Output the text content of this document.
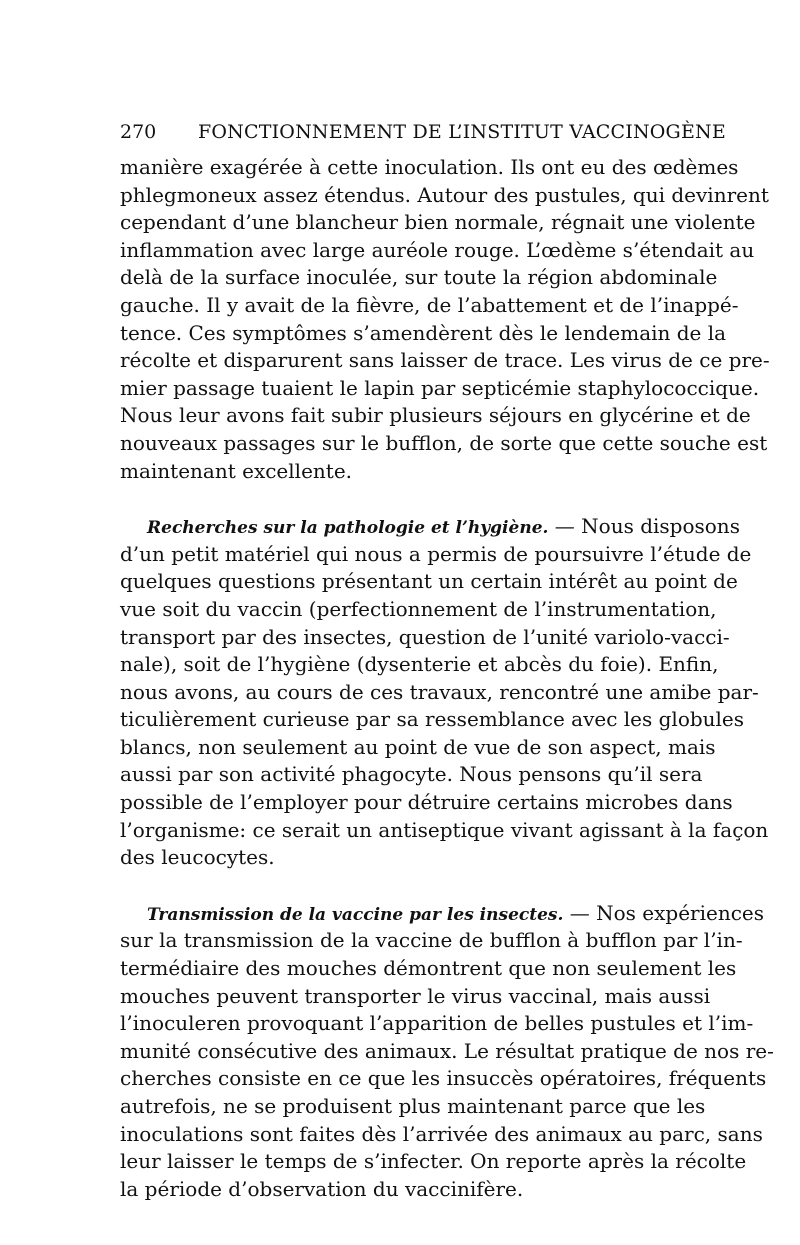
270 FONCTIONNEMENT DE L’INSTITUT VACCINOGÈNE
manière exagérée à cette inoculation. Ils ont eu des œdèmes
phlegmoneux assez étendus. Autour des pustules, qui devinrent
cependant d’une blancheur bien normale, régnait une violente
inflammation avec large auréole rouge. L’œdème s’étendait au
delà de la surface inoculée, sur toute la région abdominale
gauche. Il y avait de la fièvre, de l’abattement et de l’inappé-
tence. Ces symptômes s’amendèrent dès le lendemain de la
récolte et disparurent sans laisser de trace. Les virus de ce pre-
mier passage tuaient le lapin par septicémie staphylococcique.
Nous leur avons fait subir plusieurs séjours en glycérine et de
nouveaux passages sur le bufflon, de sorte que cette souche est
maintenant excellente.
Recherches sur la pathologie et l’hygiène. — Nous disposons
d’un petit matériel qui nous a permis de poursuivre l’étude de
quelques questions présentant un certain intérêt au point de
vue soit du vaccin (perfectionnement de l’instrumentation,
transport par des insectes, question de l’unité variolo-vacci-
nale), soit de l’hygiène (dysenterie et abcès du foie). Enfin,
nous avons, au cours de ces travaux, rencontré une amibe par-
ticulièrement curieuse par sa ressemblance avec les globules
blancs, non seulement au point de vue de son aspect, mais
aussi par son activité phagocyte. Nous pensons qu’il sera
possible de l’employer pour détruire certains microbes dans
l’organisme: ce serait un antiseptique vivant agissant à la façon
des leucocytes.
Transmission de la vaccine par les insectes. — Nos expériences
sur la transmission de la vaccine de bufflon à bufflon par l’in-
termédiaire des mouches démontrent que non seulement les
mouches peuvent transporter le virus vaccinal, mais aussi
l’inoculeren provoquant l’apparition de belles pustules et l’im-
munité consécutive des animaux. Le résultat pratique de nos re-
cherches consiste en ce que les insuccès opératoires, fréquents
autrefois, ne se produisent plus maintenant parce que les
inoculations sont faites dès l’arrivée des animaux au parc, sans
leur laisser le temps de s’infecter. On reporte après la récolte
la période d’observation du vaccinifère.
